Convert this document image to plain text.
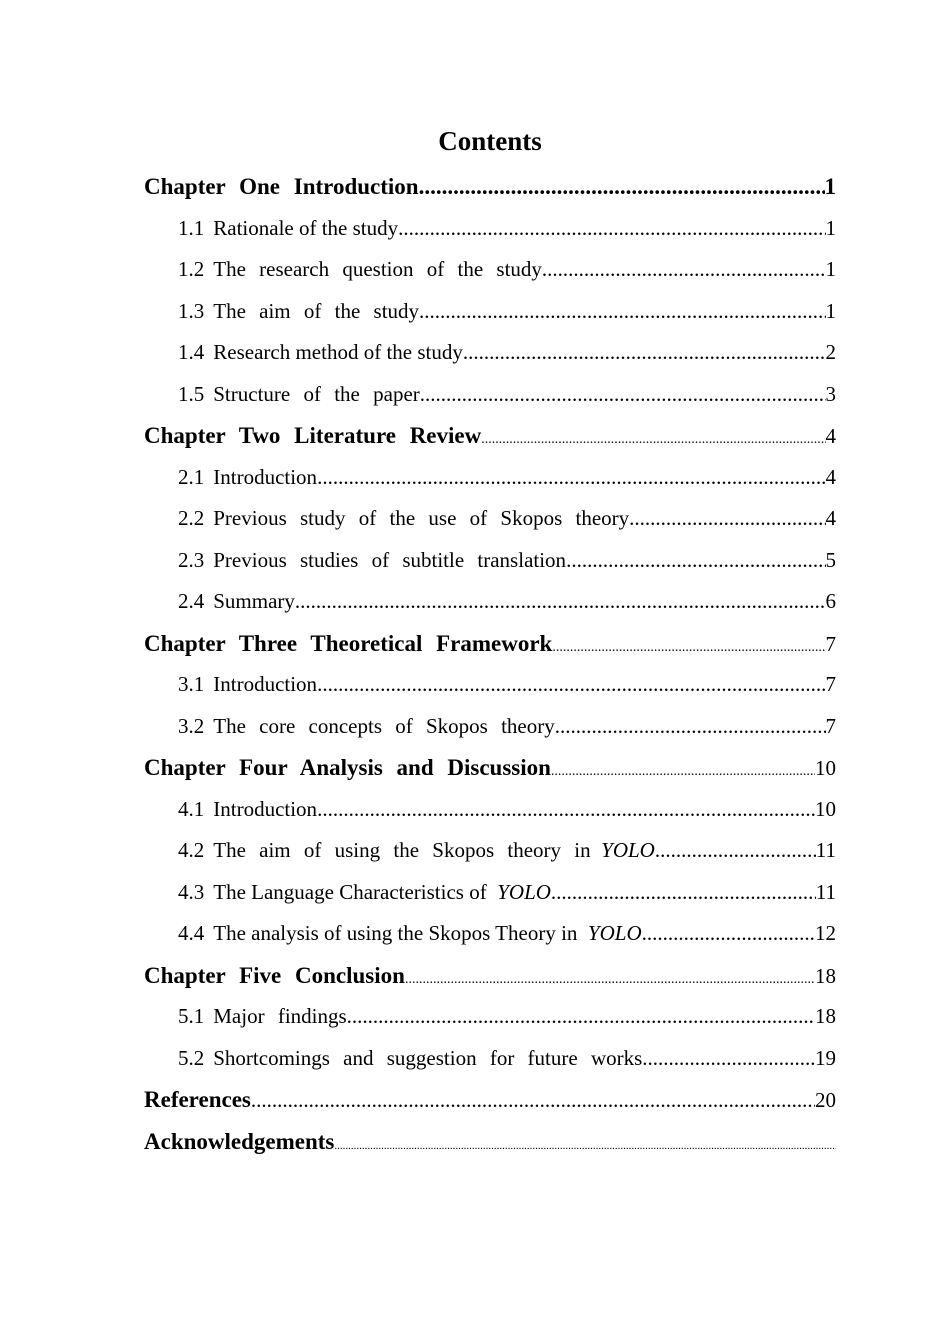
Contents
Chapter One Introduction .....	1
1.1 Rationale of the study .....	1
1.2 The research question of the study .....	1
1.3 The aim of the study .....	1
1.4 Research method of the study .....	2
1.5 Structure of the paper .....	3
Chapter Two Literature Review .....	4
2.1 Introduction .....	4
2.2 Previous study of the use of Skopos theory .....	4
2.3 Previous studies of subtitle translation .....	5
2.4 Summary .....	6
Chapter Three Theoretical Framework .....	7
3.1 Introduction .....	7
3.2 The core concepts of Skopos theory .....	7
Chapter Four Analysis and Discussion .....	10
4.1 Introduction .....	10
4.2 The aim of using the Skopos theory in
YOLO .....	11
4.3 The Language Characteristics of
YOLO .....	11
4.4 The analysis of using the Skopos Theory in
YOLO .....	12
Chapter Five Conclusion .....	18
5.1 Major findings .....	18
5.2 Shortcomings and suggestion for future works .....	19
References .....	20
Acknowledgements
.....
